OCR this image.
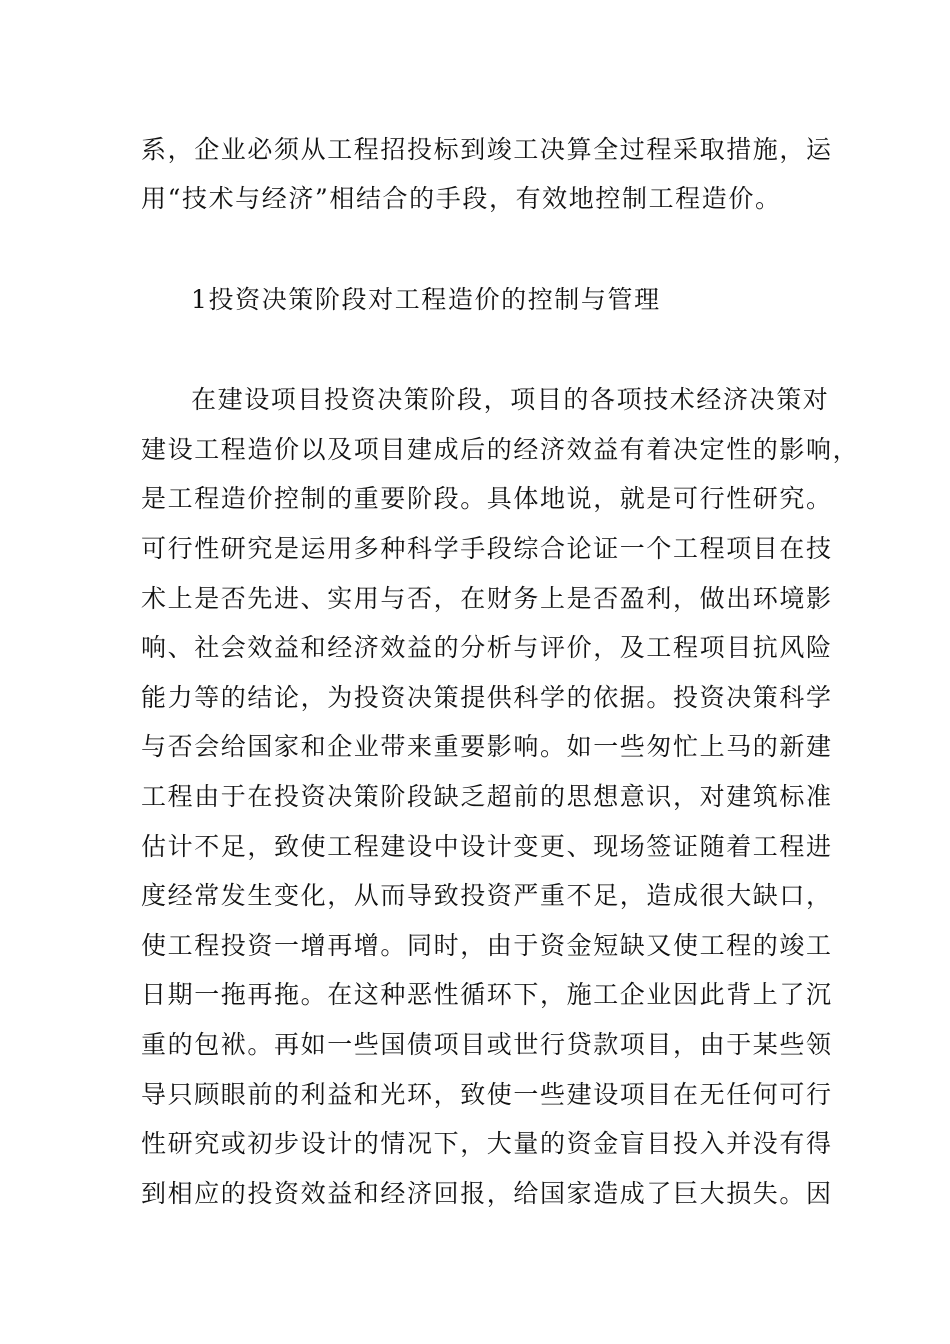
系，企业必须从工程招投标到竣工决算全过程采取措施，运
用“技术与经济”相结合的手段，有效地控制工程造价。
1投资决策阶段对工程造价的控制与管理
在建设项目投资决策阶段，项目的各项技术经济决策对
建设工程造价以及项目建成后的经济效益有着决定性的影响，
是工程造价控制的重要阶段。具体地说，就是可行性研究。
可行性研究是运用多种科学手段综合论证一个工程项目在技
术上是否先进、实用与否，在财务上是否盈利，做出环境影
响、社会效益和经济效益的分析与评价，及工程项目抗风险
能力等的结论，为投资决策提供科学的依据。投资决策科学
与否会给国家和企业带来重要影响。如一些匆忙上马的新建
工程由于在投资决策阶段缺乏超前的思想意识，对建筑标准
估计不足，致使工程建设中设计变更、现场签证随着工程进
度经常发生变化，从而导致投资严重不足，造成很大缺口，
使工程投资一增再增。同时，由于资金短缺又使工程的竣工
日期一拖再拖。在这种恶性循环下，施工企业因此背上了沉
重的包袱。再如一些国债项目或世行贷款项目，由于某些领
导只顾眼前的利益和光环，致使一些建设项目在无任何可行
性研究或初步设计的情况下，大量的资金盲目投入并没有得
到相应的投资效益和经济回报，给国家造成了巨大损失。因
